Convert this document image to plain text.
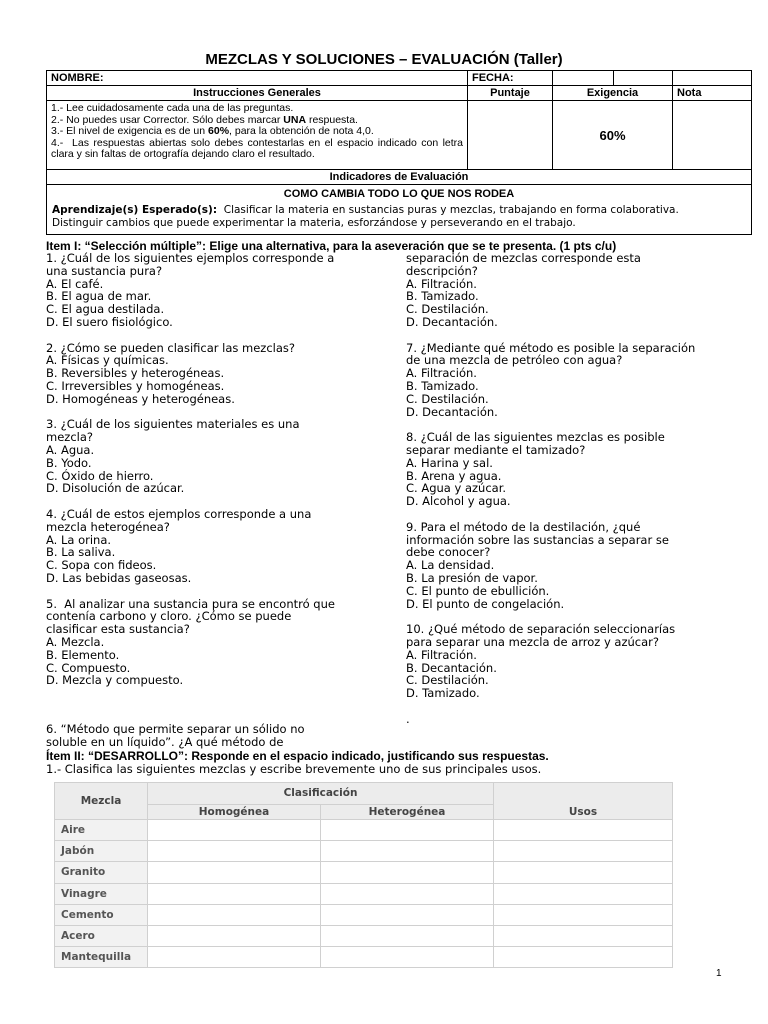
MEZCLAS Y SOLUCIONES – EVALUACIÓN (Taller)
NOMBRE:	FECHA:			
Instrucciones Generales	Puntaje	Exigencia		Nota

1.- Lee cuidadosamente cada una de las preguntas.
2.- No puedes usar Corrector. Sólo debes marcar UNA respuesta.
3.- El nivel de exigencia es de un 60%, para la obtención de nota 4,0.
4.-  Las respuestas abiertas solo debes contestarlas en el espacio indicado con letra clara y sin faltas de ortografía dejando claro el resultado.		60%		
Indicadores de Evaluación				

COMO CAMBIA TODO LO QUE NOS RODEA
Aprendizaje(s) Esperado(s): Clasificar la materia en sustancias puras y mezclas, trabajando en forma colaborativa.
Distinguir cambios que puede experimentar la materia, esforzándose y perseverando en el trabajo.				
Item I: “Selección múltiple”: Elige una alternativa, para la aseveración que se te presenta. (1 pts c/u)
1. ¿Cuál de los siguientes ejemplos corresponde a
una sustancia pura?
A. El café.
B. El agua de mar.
C. El agua destilada.
D. El suero fisiológico.

2. ¿Cómo se pueden clasificar las mezclas?
A. Físicas y químicas.
B. Reversibles y heterogéneas.
C. Irreversibles y homogéneas.
D. Homogéneas y heterogéneas.

3. ¿Cuál de los siguientes materiales es una
mezcla?
A. Agua.
B. Yodo.
C. Óxido de hierro.
D. Disolución de azúcar.

4. ¿Cuál de estos ejemplos corresponde a una
mezcla heterogénea?
A. La orina.
B. La saliva.
C. Sopa con fideos.
D. Las bebidas gaseosas.

5.  Al analizar una sustancia pura se encontró que
contenía carbono y cloro. ¿Cómo se puede
clasificar esta sustancia?
A. Mezcla.
B. Elemento.
C. Compuesto.
D. Mezcla y compuesto.
6. “Método que permite separar un sólido no
soluble en un líquido”. ¿A qué método de
separación de mezclas corresponde esta
descripción?
A. Filtración.
B. Tamizado.
C. Destilación.
D. Decantación.

7. ¿Mediante qué método es posible la separación
de una mezcla de petróleo con agua?
A. Filtración.
B. Tamizado.
C. Destilación.
D. Decantación.

8. ¿Cuál de las siguientes mezclas es posible
separar mediante el tamizado?
A. Harina y sal.
B. Arena y agua.
C. Agua y azúcar.
D. Alcohol y agua.

9. Para el método de la destilación, ¿qué
información sobre las sustancias a separar se
debe conocer?
A. La densidad.
B. La presión de vapor.
C. El punto de ebullición.
D. El punto de congelación.

10. ¿Qué método de separación seleccionarías
para separar una mezcla de arroz y azúcar?
A. Filtración.
B. Decantación.
C. Destilación.
D. Tamizado.

.
Ítem II: “DESARROLLO”: Responde en el espacio indicado, justificando sus respuestas.
1.- Clasifica las siguientes mezclas y escribe brevemente uno de sus principales usos.
Mezcla	Clasificación		
	Homogénea	Heterogénea	Usos
Aire			
Jabón			
Granito			
Vinagre			
Cemento			
Acero			
Mantequilla			
1
